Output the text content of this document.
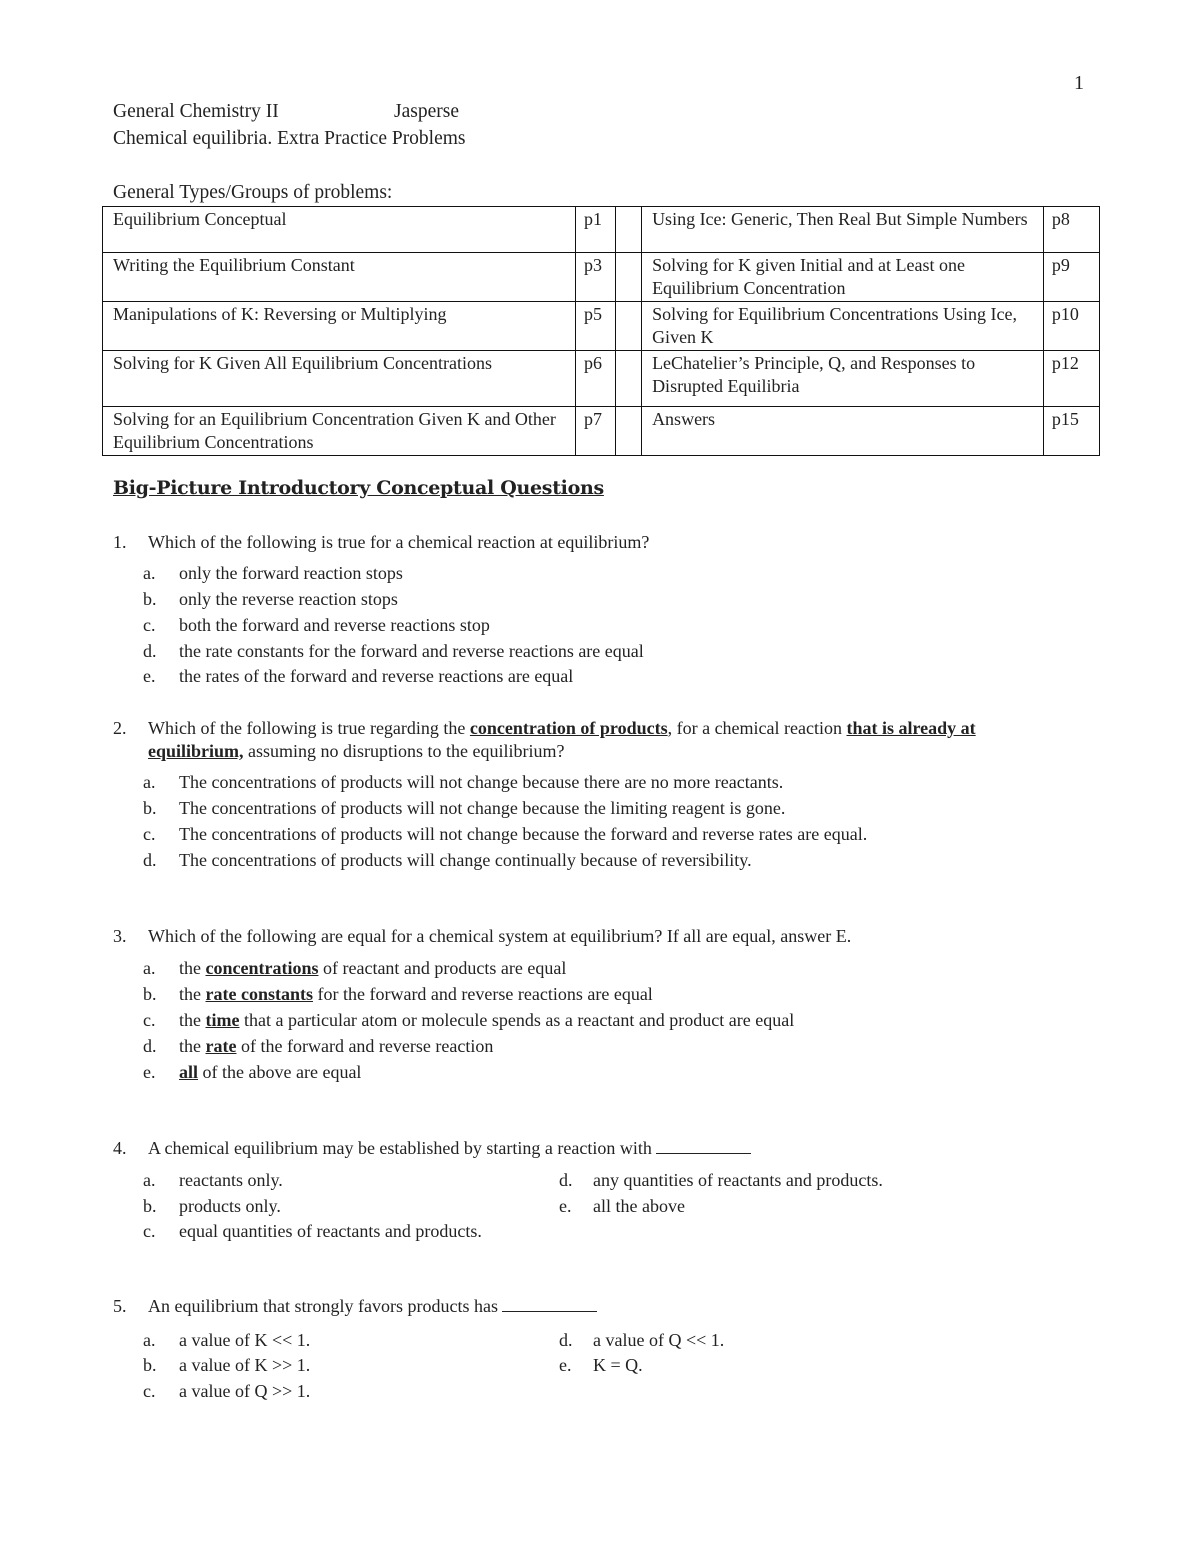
1
General Chemistry II	Jasperse
Chemical equilibria. Extra Practice Problems
General Types/Groups of problems:
Equilibrium Conceptual	p1		Using Ice: Generic, Then Real But Simple Numbers	p8
Writing the Equilibrium Constant	p3		Solving for K given Initial and at Least one Equilibrium Concentration	p9
Manipulations of K: Reversing or Multiplying	p5		Solving for Equilibrium Concentrations Using Ice, Given K	p10
Solving for K Given All Equilibrium Concentrations	p6		LeChatelier’s Principle, Q, and Responses to Disrupted Equilibria	p12
Solving for an Equilibrium Concentration Given K and Other Equilibrium Concentrations	p7		Answers	p15
Big-Picture Introductory Conceptual Questions
1. Which of the following is true for a chemical reaction at equilibrium?
a. only the forward reaction stops
b. only the reverse reaction stops
c. both the forward and reverse reactions stop
d. the rate constants for the forward and reverse reactions are equal
e. the rates of the forward and reverse reactions are equal
2. Which of the following is true regarding the concentration of products, for a chemical reaction that is already at
equilibrium, assuming no disruptions to the equilibrium?
a. The concentrations of products will not change because there are no more reactants.
b. The concentrations of products will not change because the limiting reagent is gone.
c. The concentrations of products will not change because the forward and reverse rates are equal.
d. The concentrations of products will change continually because of reversibility.
3. Which of the following are equal for a chemical system at equilibrium? If all are equal, answer E.
a. the concentrations of reactant and products are equal
b. the rate constants for the forward and reverse reactions are equal
c. the time that a particular atom or molecule spends as a reactant and product are equal
d. the rate of the forward and reverse reaction
e. all of the above are equal
4. A chemical equilibrium may be established by starting a reaction with
a. reactants only.
b. products only.
c. equal quantities of reactants and products.
d. any quantities of reactants and products.
e. all the above
5. An equilibrium that strongly favors products has
a. a value of K << 1.
b. a value of K >> 1.
c. a value of Q >> 1.
d. a value of Q << 1.
e. K = Q.
